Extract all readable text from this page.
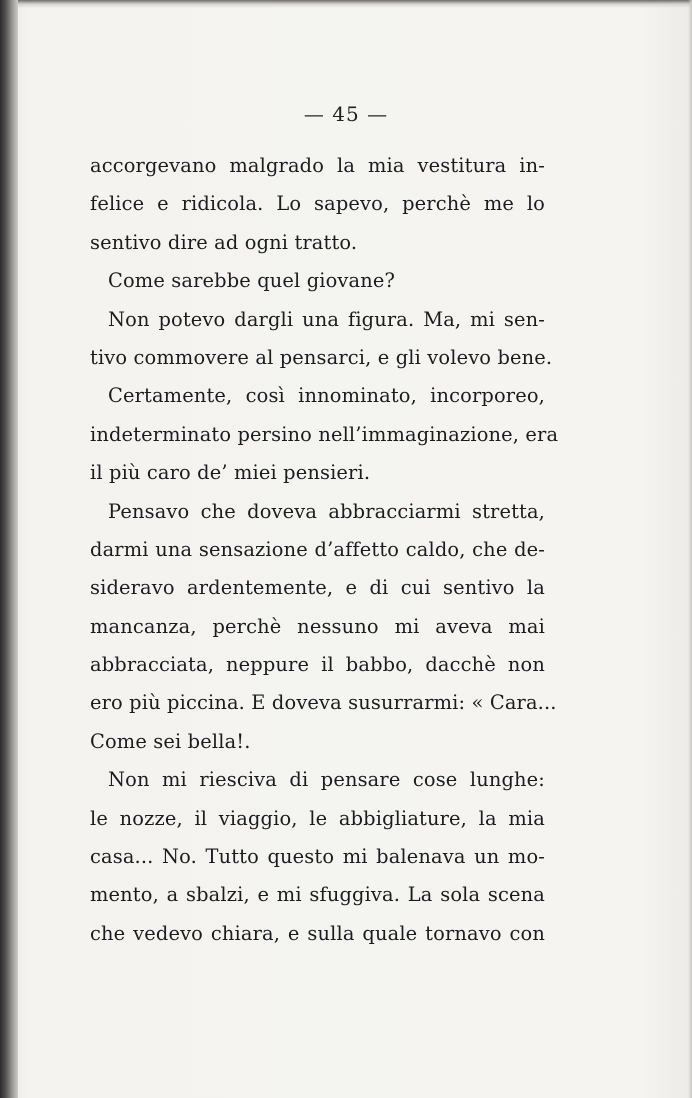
— 45 —
accorgevano malgrado la mia vestitura in-
felice e ridicola. Lo sapevo, perchè me lo
sentivo dire ad ogni tratto.
Come sarebbe quel giovane?
Non potevo dargli una figura. Ma, mi sen-
tivo commovere al pensarci, e gli volevo bene.
Certamente, così innominato, incorporeo,
indeterminato persino nell’immaginazione, era
il più caro de’ miei pensieri.
Pensavo che doveva abbracciarmi stretta,
darmi una sensazione d’affetto caldo, che de-
sideravo ardentemente, e di cui sentivo la
mancanza, perchè nessuno mi aveva mai
abbracciata, neppure il babbo, dacchè non
ero più piccina. E doveva susurrarmi: « Cara...
Come sei bella!.
Non mi riesciva di pensare cose lunghe:
le nozze, il viaggio, le abbigliature, la mia
casa... No. Tutto questo mi balenava un mo-
mento, a sbalzi, e mi sfuggiva. La sola scena
che vedevo chiara, e sulla quale tornavo con
